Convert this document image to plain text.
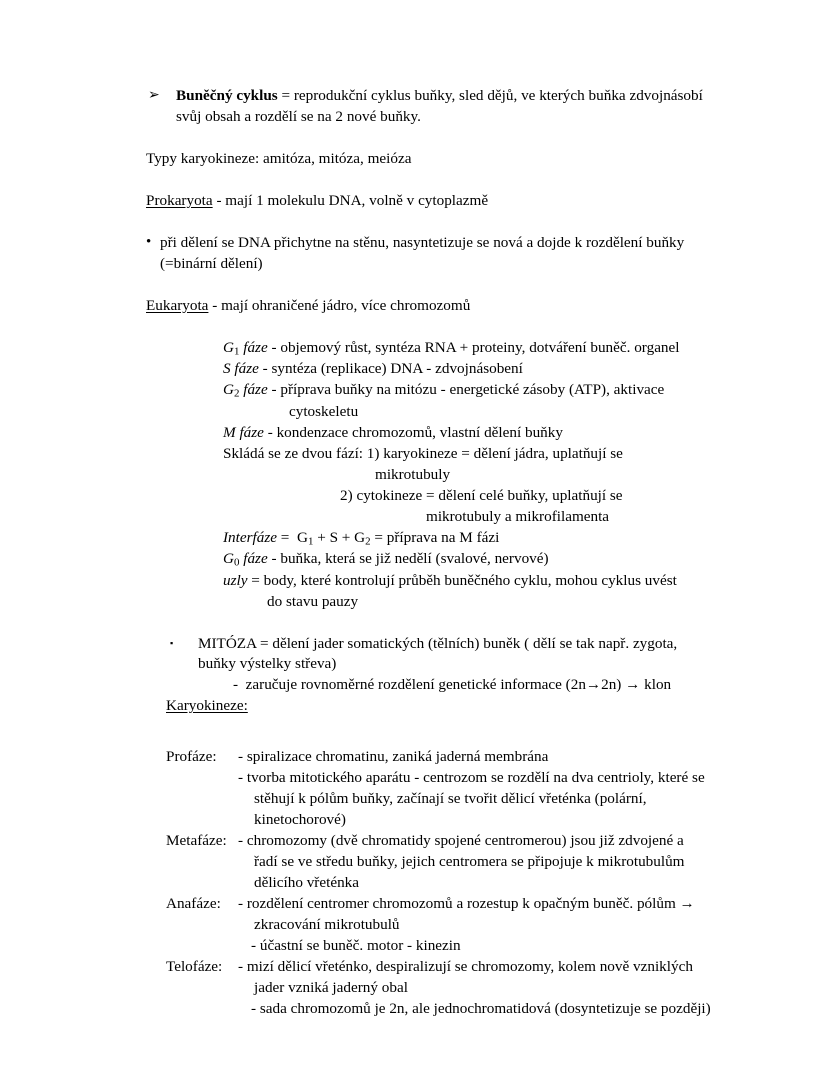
➢ Buněčný cyklus = reprodukční cyklus buňky, sled dějů, ve kterých buňka zdvojnásobí
svůj obsah a rozdělí se na 2 nové buňky.
Typy karyokineze: amitóza, mitóza, meióza
Prokaryota - mají 1 molekulu DNA, volně v cytoplazmě
• při dělení se DNA přichytne na stěnu, nasyntetizuje se nová a dojde k rozdělení buňky
(=binární dělení)
Eukaryota - mají ohraničené jádro, více chromozomů
$G_1$ fáze - objemový růst, syntéza RNA + proteiny, dotváření buněč. organel
S fáze - syntéza (replikace) DNA - zdvojnásobení
$G_2$ fáze - příprava buňky na mitózu - energetické zásoby (ATP), aktivace
cytoskeletu
M fáze - kondenzace chromozomů, vlastní dělení buňky
Skládá se ze dvou fází: 1) karyokineze = dělení jádra, uplatňují se
mikrotubuly
2) cytokineze = dělení celé buňky, uplatňují se
mikrotubuly a mikrofilamenta
Interfáze =  $G_1 + S + G_2$ = příprava na M fázi
$G_0$ fáze - buňka, která se již nedělí (svalové, nervové)
uzly = body, které kontrolují průběh buněčného cyklu, mohou cyklus uvést
do stavu pauzy
▪ MITÓZA = dělení jader somatických (tělních) buněk ( dělí se tak např. zygota,
buňky výstelky střeva)
-  zaručuje rovnoměrné rozdělení genetické informace (2n→2n) → klon
Karyokineze:
Profáze:	- spiralizace chromatinu, zaniká jaderná membrána
- tvorba mitotického aparátu - centrozom se rozdělí na dva centrioly, které se
stěhují k pólům buňky, začínají se tvořit dělicí vřeténka (polární,
kinetochorové)
Metafáze: - chromozomy (dvě chromatidy spojené centromerou) jsou již zdvojené a
řadí se ve středu buňky, jejich centromera se připojuje k mikrotubulům
dělicího vřeténka
Anafáze:	- rozdělení centromer chromozomů a rozestup k opačným buněč. pólům →
zkracování mikrotubulů
- účastní se buněč. motor - kinezin
Telofáze:	- mizí dělicí vřeténko, despiralizují se chromozomy, kolem nově vzniklých
jader vzniká jaderný obal
- sada chromozomů je 2n, ale jednochromatidová (dosyntetizuje se později)
